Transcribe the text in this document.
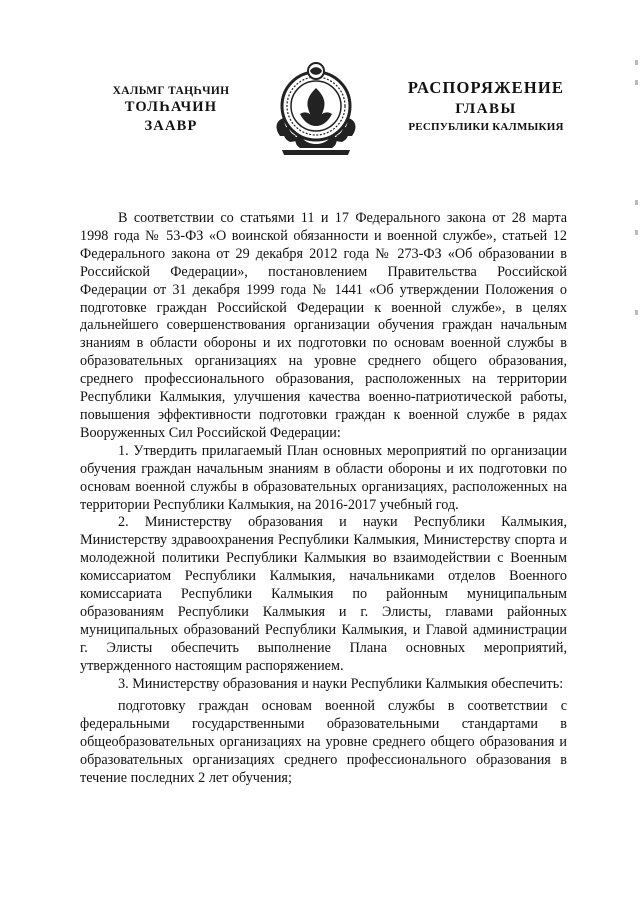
ХАЛЬМГ ТАҢҺЧИН
ТОЛҺАЧИН
ЗААВР
РАСПОРЯЖЕНИЕ
ГЛАВЫ
РЕСПУБЛИКИ КАЛМЫКИЯ

В соответствии со статьями 11 и 17 Федерального закона от 28 марта 1998 года № 53-ФЗ «О воинской обязанности и военной службе», статьей 12 Федерального закона от 29 декабря 2012 года № 273-ФЗ «Об образовании в Российской Федерации», постановлением Правительства Российской Федерации от 31 декабря 1999 года № 1441 «Об утверждении Положения о подготовке граждан Российской Федерации к военной службе», в целях дальнейшего совершенствования организации обучения граждан начальным знаниям в области обороны и их подготовки по основам военной службы в образовательных организациях на уровне среднего общего образования, среднего профессионального образования, расположенных на территории Республики Калмыкия, улучшения качества военно-патриотической работы, повышения эффективности подготовки граждан к военной службе в рядах Вооруженных Сил Российской Федерации:

1. Утвердить прилагаемый План основных мероприятий по организации обучения граждан начальным знаниям в области обороны и их подготовки по основам военной службы в образовательных организациях, расположенных на территории Республики Калмыкия, на 2016-2017 учебный год.

2. Министерству образования и науки Республики Калмыкия, Министерству здравоохранения Республики Калмыкия, Министерству спорта и молодежной политики Республики Калмыкия во взаимодействии с Военным комиссариатом Республики Калмыкия, начальниками отделов Военного комиссариата Республики Калмыкия по районным муниципальным образованиям Республики Калмыкия и г. Элисты, главами районных муниципальных образований Республики Калмыкия, и Главой администрации г. Элисты обеспечить выполнение Плана основных мероприятий, утвержденного настоящим распоряжением.

3. Министерству образования и науки Республики Калмыкия обеспечить:

подготовку граждан основам военной службы в соответствии с федеральными государственными образовательными стандартами в общеобразовательных организациях на уровне среднего общего образования и образовательных организациях среднего профессионального образования в течение последних 2 лет обучения;
